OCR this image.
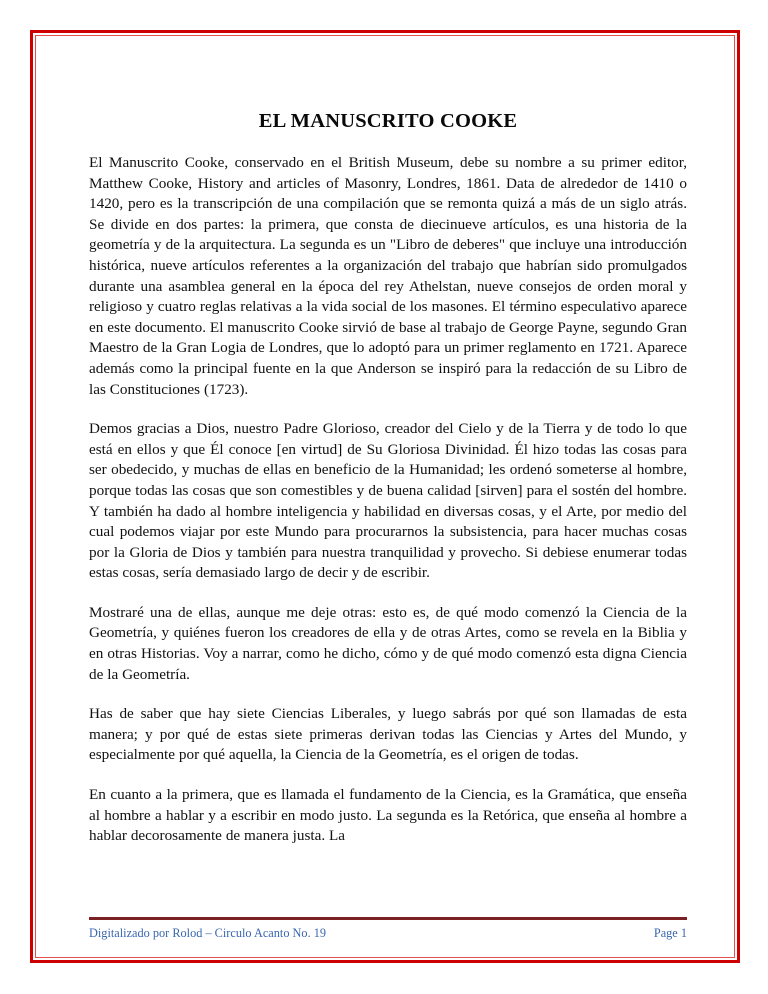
EL MANUSCRITO COOKE

El Manuscrito Cooke, conservado en el British Museum, debe su nombre a su primer editor, Matthew Cooke, History and articles of Masonry, Londres, 1861. Data de alrededor de 1410 o 1420, pero es la transcripción de una compilación que se remonta quizá a más de un siglo atrás. Se divide en dos partes: la primera, que consta de diecinueve artículos, es una historia de la geometría y de la arquitectura. La segunda es un "Libro de deberes" que incluye una introducción histórica, nueve artículos referentes a la organización del trabajo que habrían sido promulgados durante una asamblea general en la época del rey Athelstan, nueve consejos de orden moral y religioso y cuatro reglas relativas a la vida social de los masones. El término especulativo aparece en este documento. El manuscrito Cooke sirvió de base al trabajo de George Payne, segundo Gran Maestro de la Gran Logia de Londres, que lo adoptó para un primer reglamento en 1721. Aparece además como la principal fuente en la que Anderson se inspiró para la redacción de su Libro de las Constituciones (1723).

Demos gracias a Dios, nuestro Padre Glorioso, creador del Cielo y de la Tierra y de todo lo que está en ellos y que Él conoce [en virtud] de Su Gloriosa Divinidad. Él hizo todas las cosas para ser obedecido, y muchas de ellas en beneficio de la Humanidad; les ordenó someterse al hombre, porque todas las cosas que son comestibles y de buena calidad [sirven] para el sostén del hombre. Y también ha dado al hombre inteligencia y habilidad en diversas cosas, y el Arte, por medio del cual podemos viajar por este Mundo para procurarnos la subsistencia, para hacer muchas cosas por la Gloria de Dios y también para nuestra tranquilidad y provecho. Si debiese enumerar todas estas cosas, sería demasiado largo de decir y de escribir.

Mostraré una de ellas, aunque me deje otras: esto es, de qué modo comenzó la Ciencia de la Geometría, y quiénes fueron los creadores de ella y de otras Artes, como se revela en la Biblia y en otras Historias. Voy a narrar, como he dicho, cómo y de qué modo comenzó esta digna Ciencia de la Geometría.

Has de saber que hay siete Ciencias Liberales, y luego sabrás por qué son llamadas de esta manera; y por qué de estas siete primeras derivan todas las Ciencias y Artes del Mundo, y especialmente por qué aquella, la Ciencia de la Geometría, es el origen de todas.

En cuanto a la primera, que es llamada el fundamento de la Ciencia, es la Gramática, que enseña al hombre a hablar y a escribir en modo justo. La segunda es la Retórica, que enseña al hombre a hablar decorosamente de manera justa. La

Digitalizado por Rolod – Circulo Acanto No. 19	Page 1
